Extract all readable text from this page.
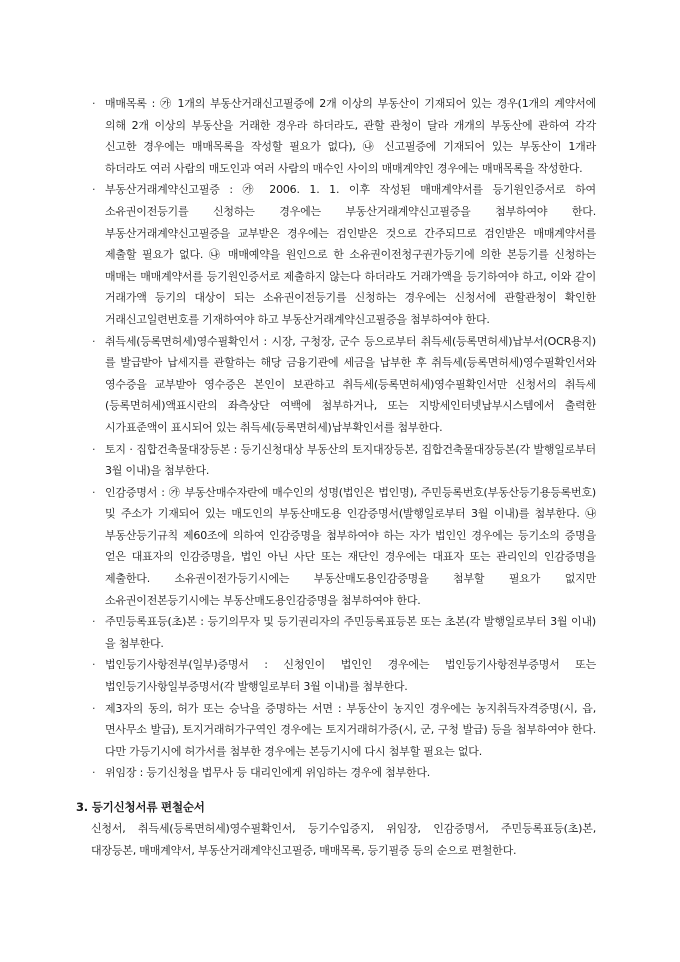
· 매매목록 : ㉮ 1개의 부동산거래신고필증에 2개 이상의 부동산이 기재되어 있는 경우(1개의 계약서에 의해 2개 이상의 부동산을 거래한 경우라 하더라도, 관할 관청이 달라 개개의 부동산에 관하여 각각 신고한 경우에는 매매목록을 작성할 필요가 없다), ㉯ 신고필증에 기재되어 있는 부동산이 1개라 하더라도 여러 사람의 매도인과 여러 사람의 매수인 사이의 매매계약인 경우에는 매매목록을 작성한다.
· 부동산거래계약신고필증 : ㉮ 2006. 1. 1. 이후 작성된 매매계약서를 등기원인증서로 하여 소유권이전등기를 신청하는 경우에는 부동산거래계약신고필증을 첨부하여야 한다. 부동산거래계약신고필증을 교부받은 경우에는 검인받은 것으로 간주되므로 검인받은 매매계약서를 제출할 필요가 없다. ㉯ 매매예약을 원인으로 한 소유권이전청구권가등기에 의한 본등기를 신청하는 매매는 매매계약서를 등기원인증서로 제출하지 않는다 하더라도 거래가액을 등기하여야 하고, 이와 같이 거래가액 등기의 대상이 되는 소유권이전등기를 신청하는 경우에는 신청서에 관할관청이 확인한 거래신고일련번호를 기재하여야 하고 부동산거래계약신고필증을 첨부하여야 한다.
· 취득세(등록면허세)영수필확인서 : 시장, 구청장, 군수 등으로부터 취득세(등록면허세)납부서(OCR용지)를 발급받아 납세지를 관할하는 해당 금융기관에 세금을 납부한 후 취득세(등록면허세)영수필확인서와 영수증을 교부받아 영수증은 본인이 보관하고 취득세(등록면허세)영수필확인서만 신청서의 취득세(등록면허세)액표시란의 좌측상단 여백에 첨부하거나, 또는 지방세인터넷납부시스템에서 출력한 시가표준액이 표시되어 있는 취득세(등록면허세)납부확인서를 첨부한다.
· 토지 · 집합건축물대장등본 : 등기신청대상 부동산의 토지대장등본, 집합건축물대장등본(각 발행일로부터 3월 이내)을 첨부한다.
· 인감증명서 : ㉮ 부동산매수자란에 매수인의 성명(법인은 법인명), 주민등록번호(부동산등기용등록번호) 및 주소가 기재되어 있는 매도인의 부동산매도용 인감증명서(발행일로부터 3월 이내)를 첨부한다. ㉯ 부동산등기규칙 제60조에 의하여 인감증명을 첨부하여야 하는 자가 법인인 경우에는 등기소의 증명을 얻은 대표자의 인감증명을, 법인 아닌 사단 또는 재단인 경우에는 대표자 또는 관리인의 인감증명을 제출한다. 소유권이전가등기시에는 부동산매도용인감증명을 첨부할 필요가 없지만 소유권이전본등기시에는 부동산매도용인감증명을 첨부하여야 한다.
· 주민등록표등(초)본 : 등기의무자 및 등기권리자의 주민등록표등본 또는 초본(각 발행일로부터 3월 이내)을 첨부한다.
· 법인등기사항전부(일부)증명서 : 신청인이 법인인 경우에는 법인등기사항전부증명서 또는 법인등기사항일부증명서(각 발행일로부터 3월 이내)를 첨부한다.
· 제3자의 동의, 허가 또는 승낙을 증명하는 서면 : 부동산이 농지인 경우에는 농지취득자격증명(시, 읍, 면사무소 발급), 토지거래허가구역인 경우에는 토지거래허가증(시, 군, 구청 발급) 등을 첨부하여야 한다. 다만 가등기시에 허가서를 첨부한 경우에는 본등기시에 다시 첨부할 필요는 없다.
· 위임장 : 등기신청을 법무사 등 대리인에게 위임하는 경우에 첨부한다.

3. 등기신청서류 편철순서

신청서, 취득세(등록면허세)영수필확인서, 등기수입증지, 위임장, 인감증명서, 주민등록표등(초)본, 대장등본, 매매계약서, 부동산거래계약신고필증, 매매목록, 등기필증 등의 순으로 편철한다.
